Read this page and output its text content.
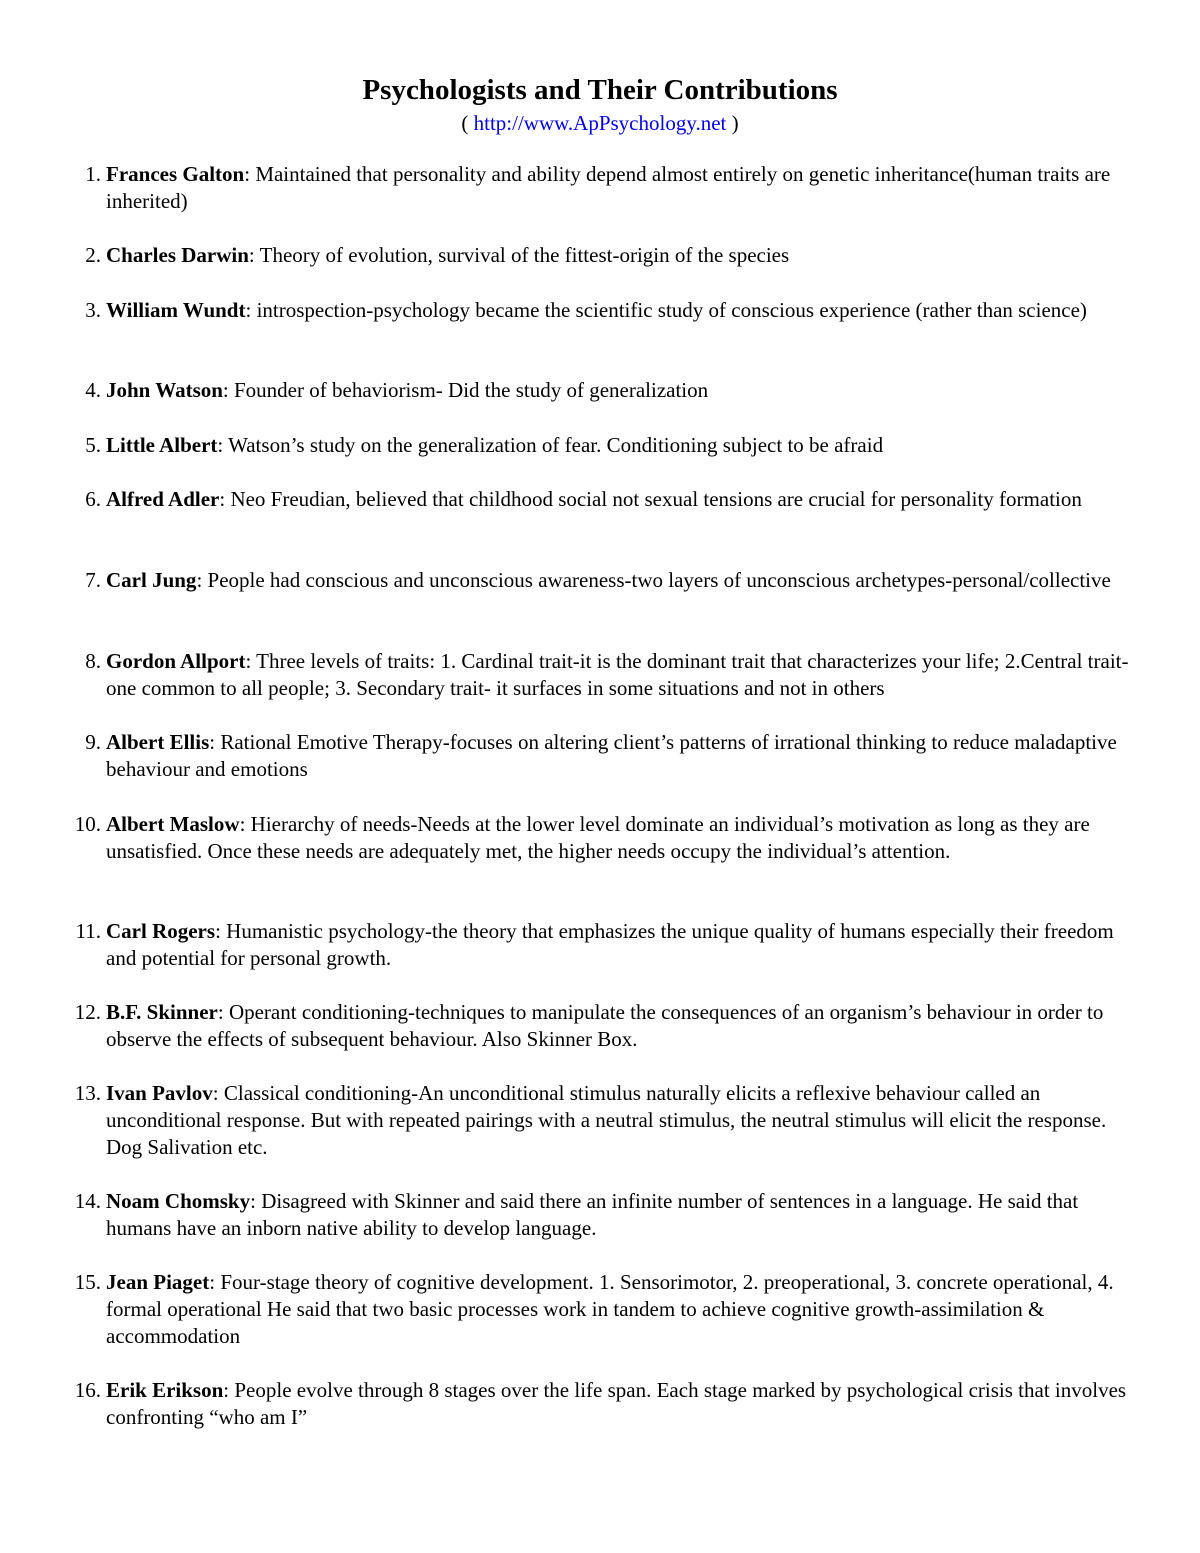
Psychologists and Their Contributions
( http://www.ApPsychology.net )
1. Frances Galton: Maintained that personality and ability depend almost entirely on genetic inheritance(human traits are inherited)
2. Charles Darwin: Theory of evolution, survival of the fittest-origin of the species
3. William Wundt: introspection-psychology became the scientific study of conscious experience (rather than science)
4. John Watson: Founder of behaviorism- Did the study of generalization
5. Little Albert: Watson’s study on the generalization of fear. Conditioning subject to be afraid
6. Alfred Adler: Neo Freudian, believed that childhood social not sexual tensions are crucial for personality formation
7. Carl Jung: People had conscious and unconscious awareness-two layers of unconscious archetypes-personal/collective
8. Gordon Allport: Three levels of traits: 1. Cardinal trait-it is the dominant trait that characterizes your life; 2.Central trait-one common to all people; 3. Secondary trait- it surfaces in some situations and not in others
9. Albert Ellis: Rational Emotive Therapy-focuses on altering client’s patterns of irrational thinking to reduce maladaptive behaviour and emotions
10. Albert Maslow: Hierarchy of needs-Needs at the lower level dominate an individual’s motivation as long as they are unsatisfied. Once these needs are adequately met, the higher needs occupy the individual’s attention.
11. Carl Rogers: Humanistic psychology-the theory that emphasizes the unique quality of humans especially their freedom and potential for personal growth.
12. B.F. Skinner: Operant conditioning-techniques to manipulate the consequences of an organism’s behaviour in order to observe the effects of subsequent behaviour. Also Skinner Box.
13. Ivan Pavlov: Classical conditioning-An unconditional stimulus naturally elicits a reflexive behaviour called an unconditional response. But with repeated pairings with a neutral stimulus, the neutral stimulus will elicit the response. Dog Salivation etc.
14. Noam Chomsky: Disagreed with Skinner and said there an infinite number of sentences in a language. He said that humans have an inborn native ability to develop language.
15. Jean Piaget: Four-stage theory of cognitive development. 1. Sensorimotor, 2. preoperational, 3. concrete operational, 4. formal operational He said that two basic processes work in tandem to achieve cognitive growth-assimilation & accommodation
16. Erik Erikson: People evolve through 8 stages over the life span. Each stage marked by psychological crisis that involves confronting “who am I”
